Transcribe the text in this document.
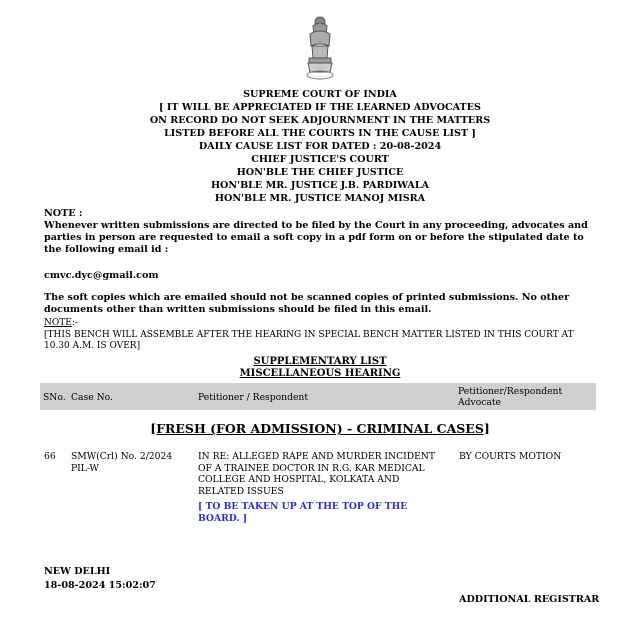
~~~~~~
SUPREME COURT OF INDIA
[ IT WILL BE APPRECIATED IF THE LEARNED ADVOCATES
ON RECORD DO NOT SEEK ADJOURNMENT IN THE MATTERS
LISTED BEFORE ALL THE COURTS IN THE CAUSE LIST ]
DAILY CAUSE LIST FOR DATED : 20-08-2024
CHIEF JUSTICE'S COURT
HON'BLE THE CHIEF JUSTICE
HON'BLE MR. JUSTICE J.B. PARDIWALA
HON'BLE MR. JUSTICE MANOJ MISRA
NOTE :
Whenever written submissions are directed to be filed by the Court in any proceeding, advocates and parties in person are requested to email a soft copy in a pdf form on or before the stipulated date to the following email id :
cmvc.dyc@gmail.com
The soft copies which are emailed should not be scanned copies of printed submissions. No other documents other than written submissions should be filed in this email.
NOTE:-
[THIS BENCH WILL ASSEMBLE AFTER THE HEARING IN SPECIAL BENCH MATTER LISTED IN THIS COURT AT 10.30 A.M. IS OVER]
SUPPLEMENTARY LIST
MISCELLANEOUS HEARING
SNo. Case No.	Petitioner / Respondent
Petitioner/Respondent Advocate
[FRESH (FOR ADMISSION) - CRIMINAL CASES]
66 SMW(Crl) No. 2/2024 PIL-W
IN RE: ALLEGED RAPE AND MURDER INCIDENT OF A TRAINEE DOCTOR IN R.G. KAR MEDICAL COLLEGE AND HOSPITAL, KOLKATA AND RELATED ISSUES
[ TO BE TAKEN UP AT THE TOP OF THE BOARD. ]
BY COURTS MOTION
NEW DELHI
18-08-2024 15:02:07
ADDITIONAL REGISTRAR
